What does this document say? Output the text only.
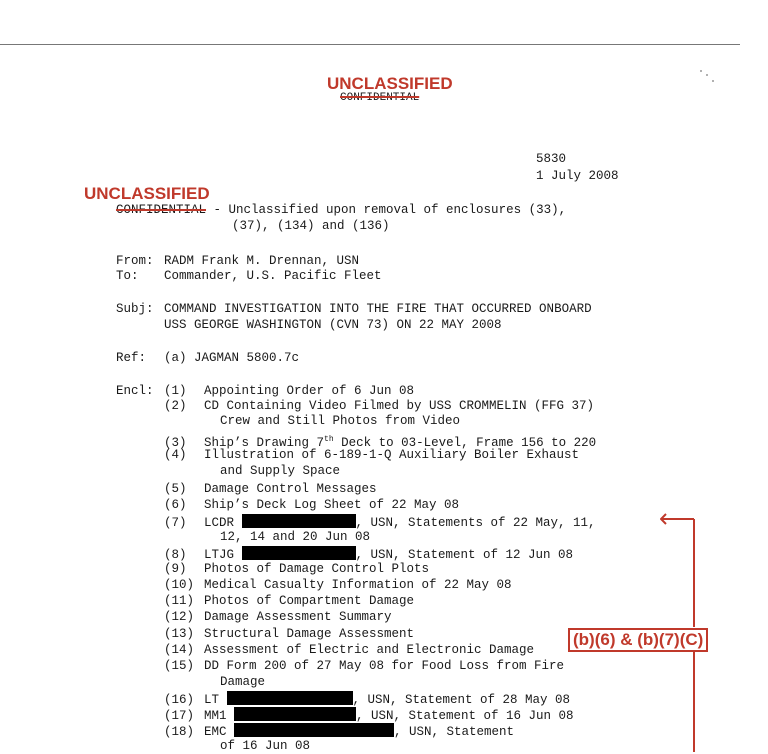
UNCLASSIFIED
CONFIDENTIAL
5830
1 July 2008
UNCLASSIFIED
CONFIDENTIAL - Unclassified upon removal of enclosures (33),
(37), (134) and (136)
From: RADM Frank M. Drennan, USN
To: Commander, U.S. Pacific Fleet
Subj: COMMAND INVESTIGATION INTO THE FIRE THAT OCCURRED ONBOARD
USS GEORGE WASHINGTON (CVN 73) ON 22 MAY 2008
Ref: (a) JAGMAN 5800.7c
Encl: (1) Appointing Order of 6 Jun 08
(2) CD Containing Video Filmed by USS CROMMELIN (FFG 37)
Crew and Still Photos from Video
(3) Ship’s Drawing 7th Deck to 03-Level, Frame 156 to 220
(4) Illustration of 6-189-1-Q Auxiliary Boiler Exhaust
and Supply Space
(5) Damage Control Messages
(6) Ship’s Deck Log Sheet of 22 May 08
(7) LCDR	, USN, Statements of 22 May, 11,
12, 14 and 20 Jun 08
(8) LTJG	, USN, Statement of 12 Jun 08
(9) Photos of Damage Control Plots
(10) Medical Casualty Information of 22 May 08
(11) Photos of Compartment Damage
(12) Damage Assessment Summary
(13) Structural Damage Assessment
(14) Assessment of Electric and Electronic Damage
(15) DD Form 200 of 27 May 08 for Food Loss from Fire
Damage
(16) LT	, USN, Statement of 28 May 08
(17) MM1	, USN, Statement of 16 Jun 08
(18) EMC	, USN, Statement
of 16 Jun 08
(b)(6) & (b)(7)(C)
